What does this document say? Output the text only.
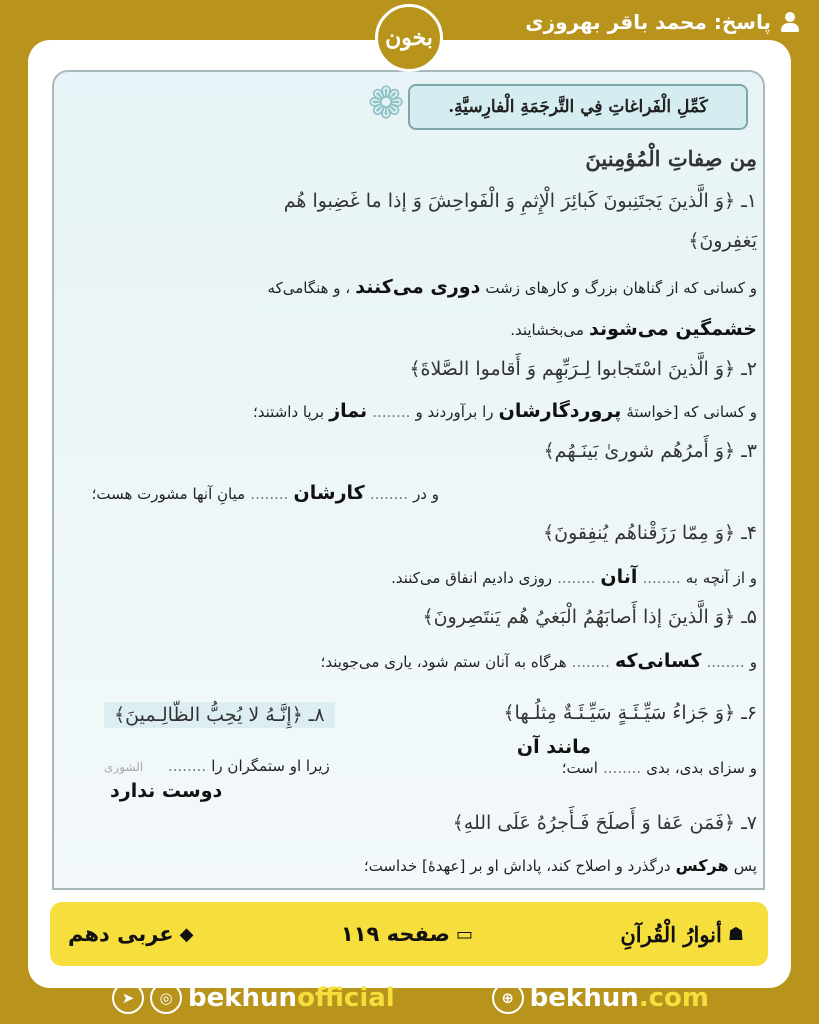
پاسخ: محمد باقر بهروزی
بخون
❁	كَمِّلِ الْفَراغاتِ فِي التَّرجَمَةِ الْفارِسيَّةِ.
مِن صِفاتِ الْمُؤمِنينَ
۱ـ ﴿وَ الَّذينَ يَجتَنِبونَ كَبائِرَ الْإِثمِ وَ الْفَواحِشَ وَ إذا ما غَضِبوا هُم
يَغفِرونَ﴾
و كسانی كه از گناهان بزرگ و كارهای زشت دوری می‌کنند ، و هنگامی‌كه
خشمگین می‌شوند می‌بخشایند.
۲ـ ﴿وَ الَّذينَ اسْتَجابوا لِـرَبِّهِم وَ أَقاموا الصَّلاةَ﴾
و كسانی كه [خواستهٔ پروردگارشان را برآوردند و ........ نماز برپا داشتند؛
۳ـ ﴿وَ أَمرُهُم شوریٰ بَينَـهُم﴾
و در ........ کارشان ........ میانِ آنها مشورت هست؛
۴ـ ﴿وَ مِمّا رَزَقْناهُم يُنفِقونَ﴾
و از آنچه به ........ آنان ........ روزی دادیم انفاق می‌كنند.
۵ـ ﴿وَ الَّذينَ إذا أَصابَهُمُ الْبَغيُ هُم يَنتَصِرونَ﴾
و ........ کسانی‌که ........ هرگاه به آنان ستم شود، یاری می‌جویند؛
۶ـ ﴿وَ جَزاءُ سَيِّـئَـةٍ سَيِّـئَـةٌ مِثلُـها﴾
مانند آن
و سزای بدی، بدی ........ است؛
۸ـ ﴿إِنَّـهُ لا يُحِبُّ الظّالِـمينَ﴾
زیرا او ستمگران را ........
الشوری
دوست ندارد
۷ـ ﴿فَمَن عَفا وَ أَصلَحَ فَـأَجرُهُ عَلَى اللهِ﴾
پس هرکس درگذرد و اصلاح كند، پاداش او بر [عهدهٔ] خداست؛
☗
أنوارُ الْقُرآنِ
▭
صفحه ۱۱۹
◆
عربی دهم
➤	◎ bekhun official	⊕ bekhun .com
